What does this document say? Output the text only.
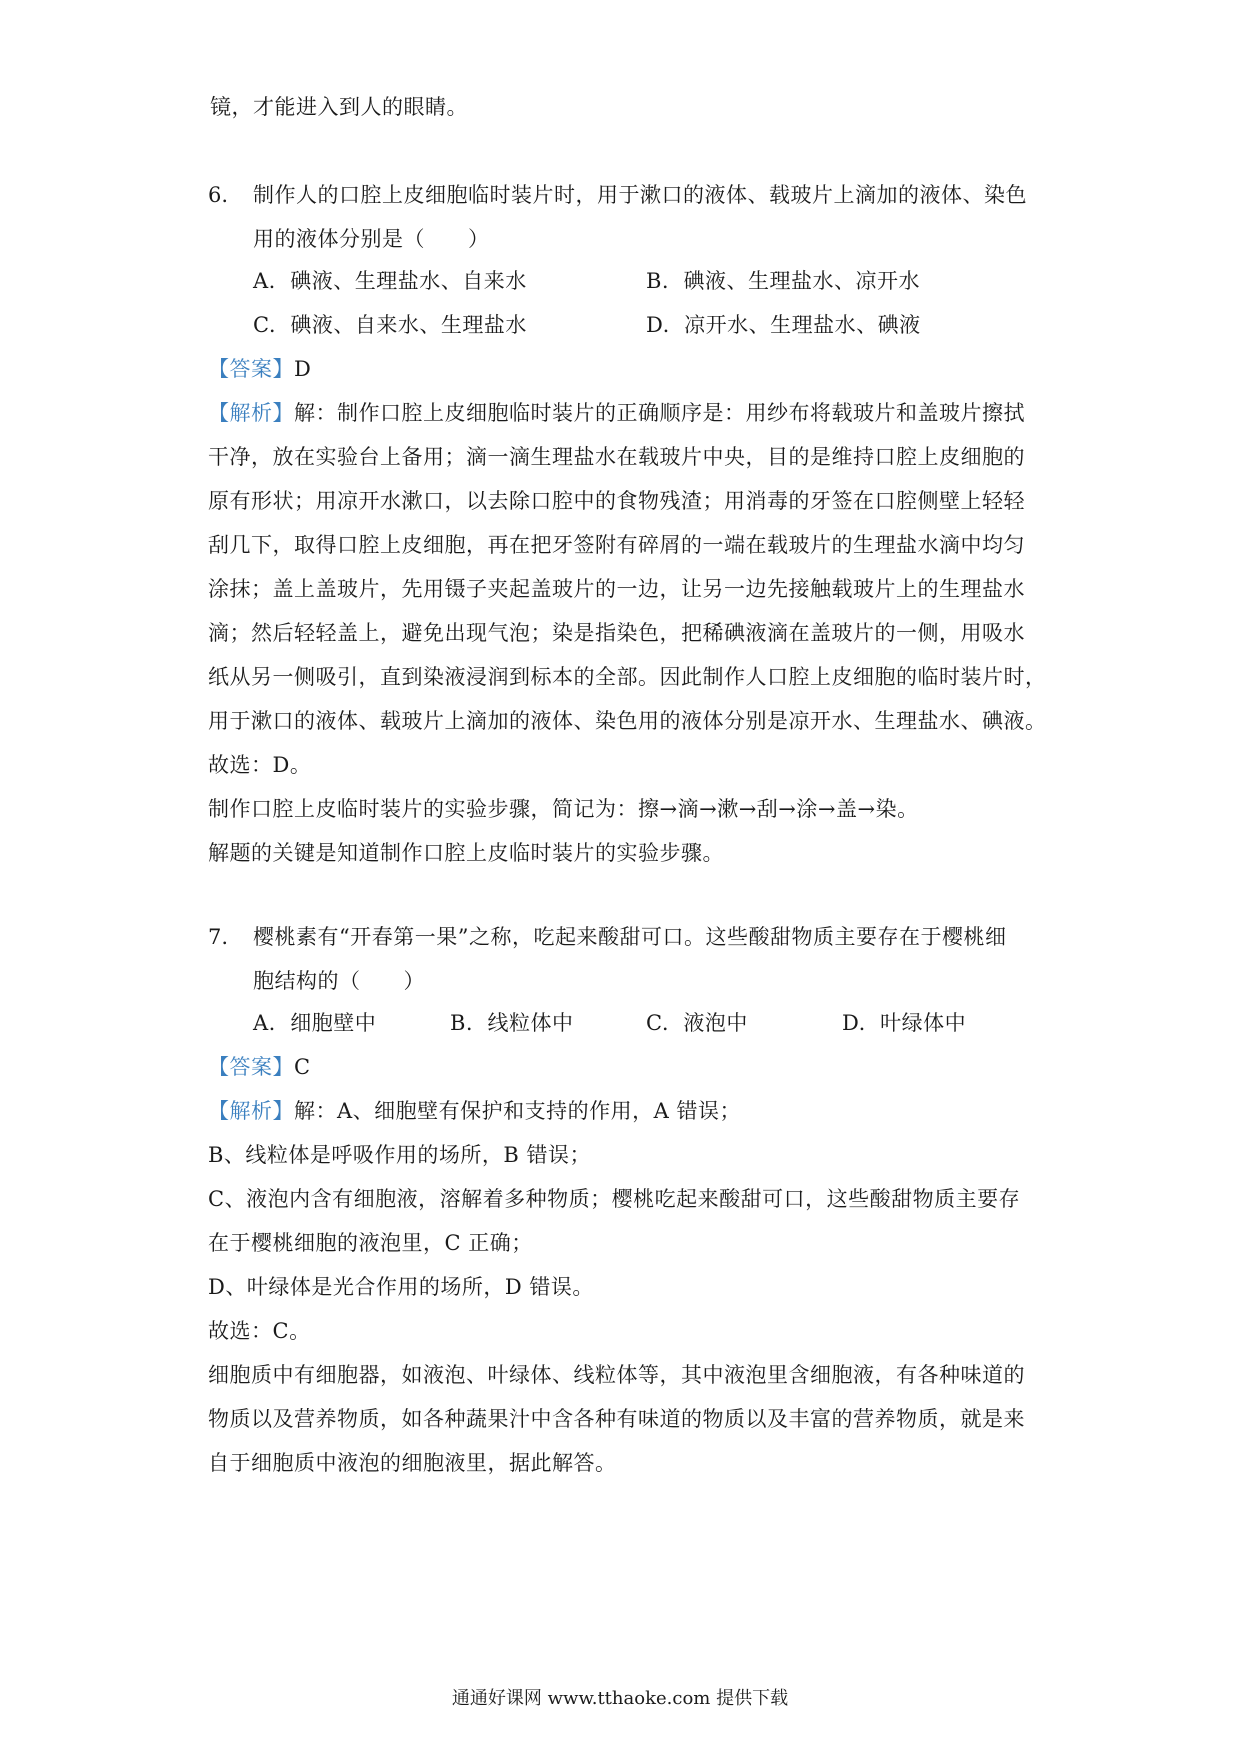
镜，才能进入到人的眼睛。
6. 制作人的口腔上皮细胞临时装片时，用于漱口的液体、载玻片上滴加的液体、染色
用的液体分别是（　　）
A. 碘液、生理盐水、自来水	B. 碘液、生理盐水、凉开水
C. 碘液、自来水、生理盐水	D. 凉开水、生理盐水、碘液
【答案】D
【解析】解：制作口腔上皮细胞临时装片的正确顺序是：用纱布将载玻片和盖玻片擦拭
干净，放在实验台上备用；滴一滴生理盐水在载玻片中央，目的是维持口腔上皮细胞的
原有形状；用凉开水漱口，以去除口腔中的食物残渣；用消毒的牙签在口腔侧壁上轻轻
刮几下，取得口腔上皮细胞，再在把牙签附有碎屑的一端在载玻片的生理盐水滴中均匀
涂抹；盖上盖玻片，先用镊子夹起盖玻片的一边，让另一边先接触载玻片上的生理盐水
滴；然后轻轻盖上，避免出现气泡；染是指染色，把稀碘液滴在盖玻片的一侧，用吸水
纸从另一侧吸引，直到染液浸润到标本的全部。因此制作人口腔上皮细胞的临时装片时，
用于漱口的液体、载玻片上滴加的液体、染色用的液体分别是凉开水、生理盐水、碘液。
故选：D。
制作口腔上皮临时装片的实验步骤，简记为：擦→滴→漱→刮→涂→盖→染。
解题的关键是知道制作口腔上皮临时装片的实验步骤。
7. 樱桃素有“开春第一果”之称，吃起来酸甜可口。这些酸甜物质主要存在于樱桃细
胞结构的（　　）
A. 细胞壁中	B. 线粒体中	C. 液泡中	D. 叶绿体中
【答案】C
【解析】解：A、细胞壁有保护和支持的作用，A 错误；
B、线粒体是呼吸作用的场所，B 错误；
C、液泡内含有细胞液，溶解着多种物质；樱桃吃起来酸甜可口，这些酸甜物质主要存
在于樱桃细胞的液泡里，C 正确；
D、叶绿体是光合作用的场所，D 错误。
故选：C。
细胞质中有细胞器，如液泡、叶绿体、线粒体等，其中液泡里含细胞液，有各种味道的
物质以及营养物质，如各种蔬果汁中含各种有味道的物质以及丰富的营养物质，就是来
自于细胞质中液泡的细胞液里，据此解答。
通通好课网 www.tthaoke.com 提供下载
